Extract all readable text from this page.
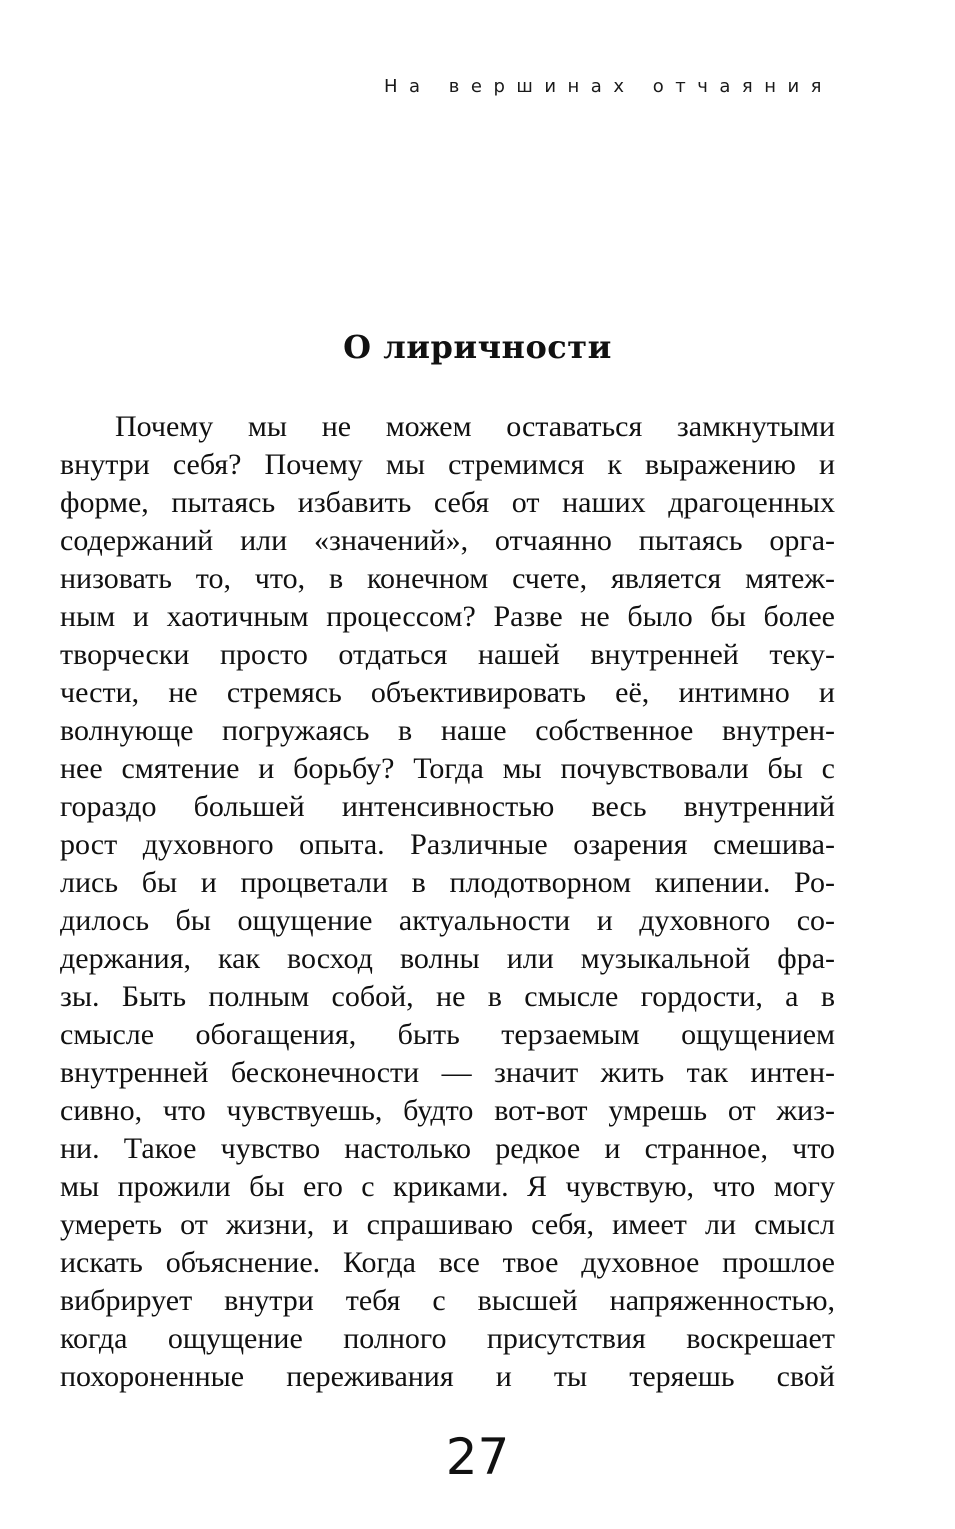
На вершинах отчаяния
О лиричности
Почему мы не можем оставаться замкнутыми
внутри себя? Почему мы стремимся к выражению и
форме, пытаясь избавить себя от наших драгоценных
содержаний или «значений», отчаянно пытаясь орга-
низовать то, что, в конечном счете, является мятеж-
ным и хаотичным процессом? Разве не было бы более
творчески просто отдаться нашей внутренней теку-
чести, не стремясь объективировать её, интимно и
волнующе погружаясь в наше собственное внутрен-
нее смятение и борьбу? Тогда мы почувствовали бы с
гораздо большей интенсивностью весь внутренний
рост духовного опыта. Различные озарения смешива-
лись бы и процветали в плодотворном кипении. Ро-
дилось бы ощущение актуальности и духовного со-
держания, как восход волны или музыкальной фра-
зы. Быть полным собой, не в смысле гордости, а в
смысле обогащения, быть терзаемым ощущением
внутренней бесконечности — значит жить так интен-
сивно, что чувствуешь, будто вот-вот умрешь от жиз-
ни. Такое чувство настолько редкое и странное, что
мы прожили бы его с криками. Я чувствую, что могу
умереть от жизни, и спрашиваю себя, имеет ли смысл
искать объяснение. Когда все твое духовное прошлое
вибрирует внутри тебя с высшей напряженностью,
когда ощущение полного присутствия воскрешает
похороненные переживания и ты теряешь свой
27
